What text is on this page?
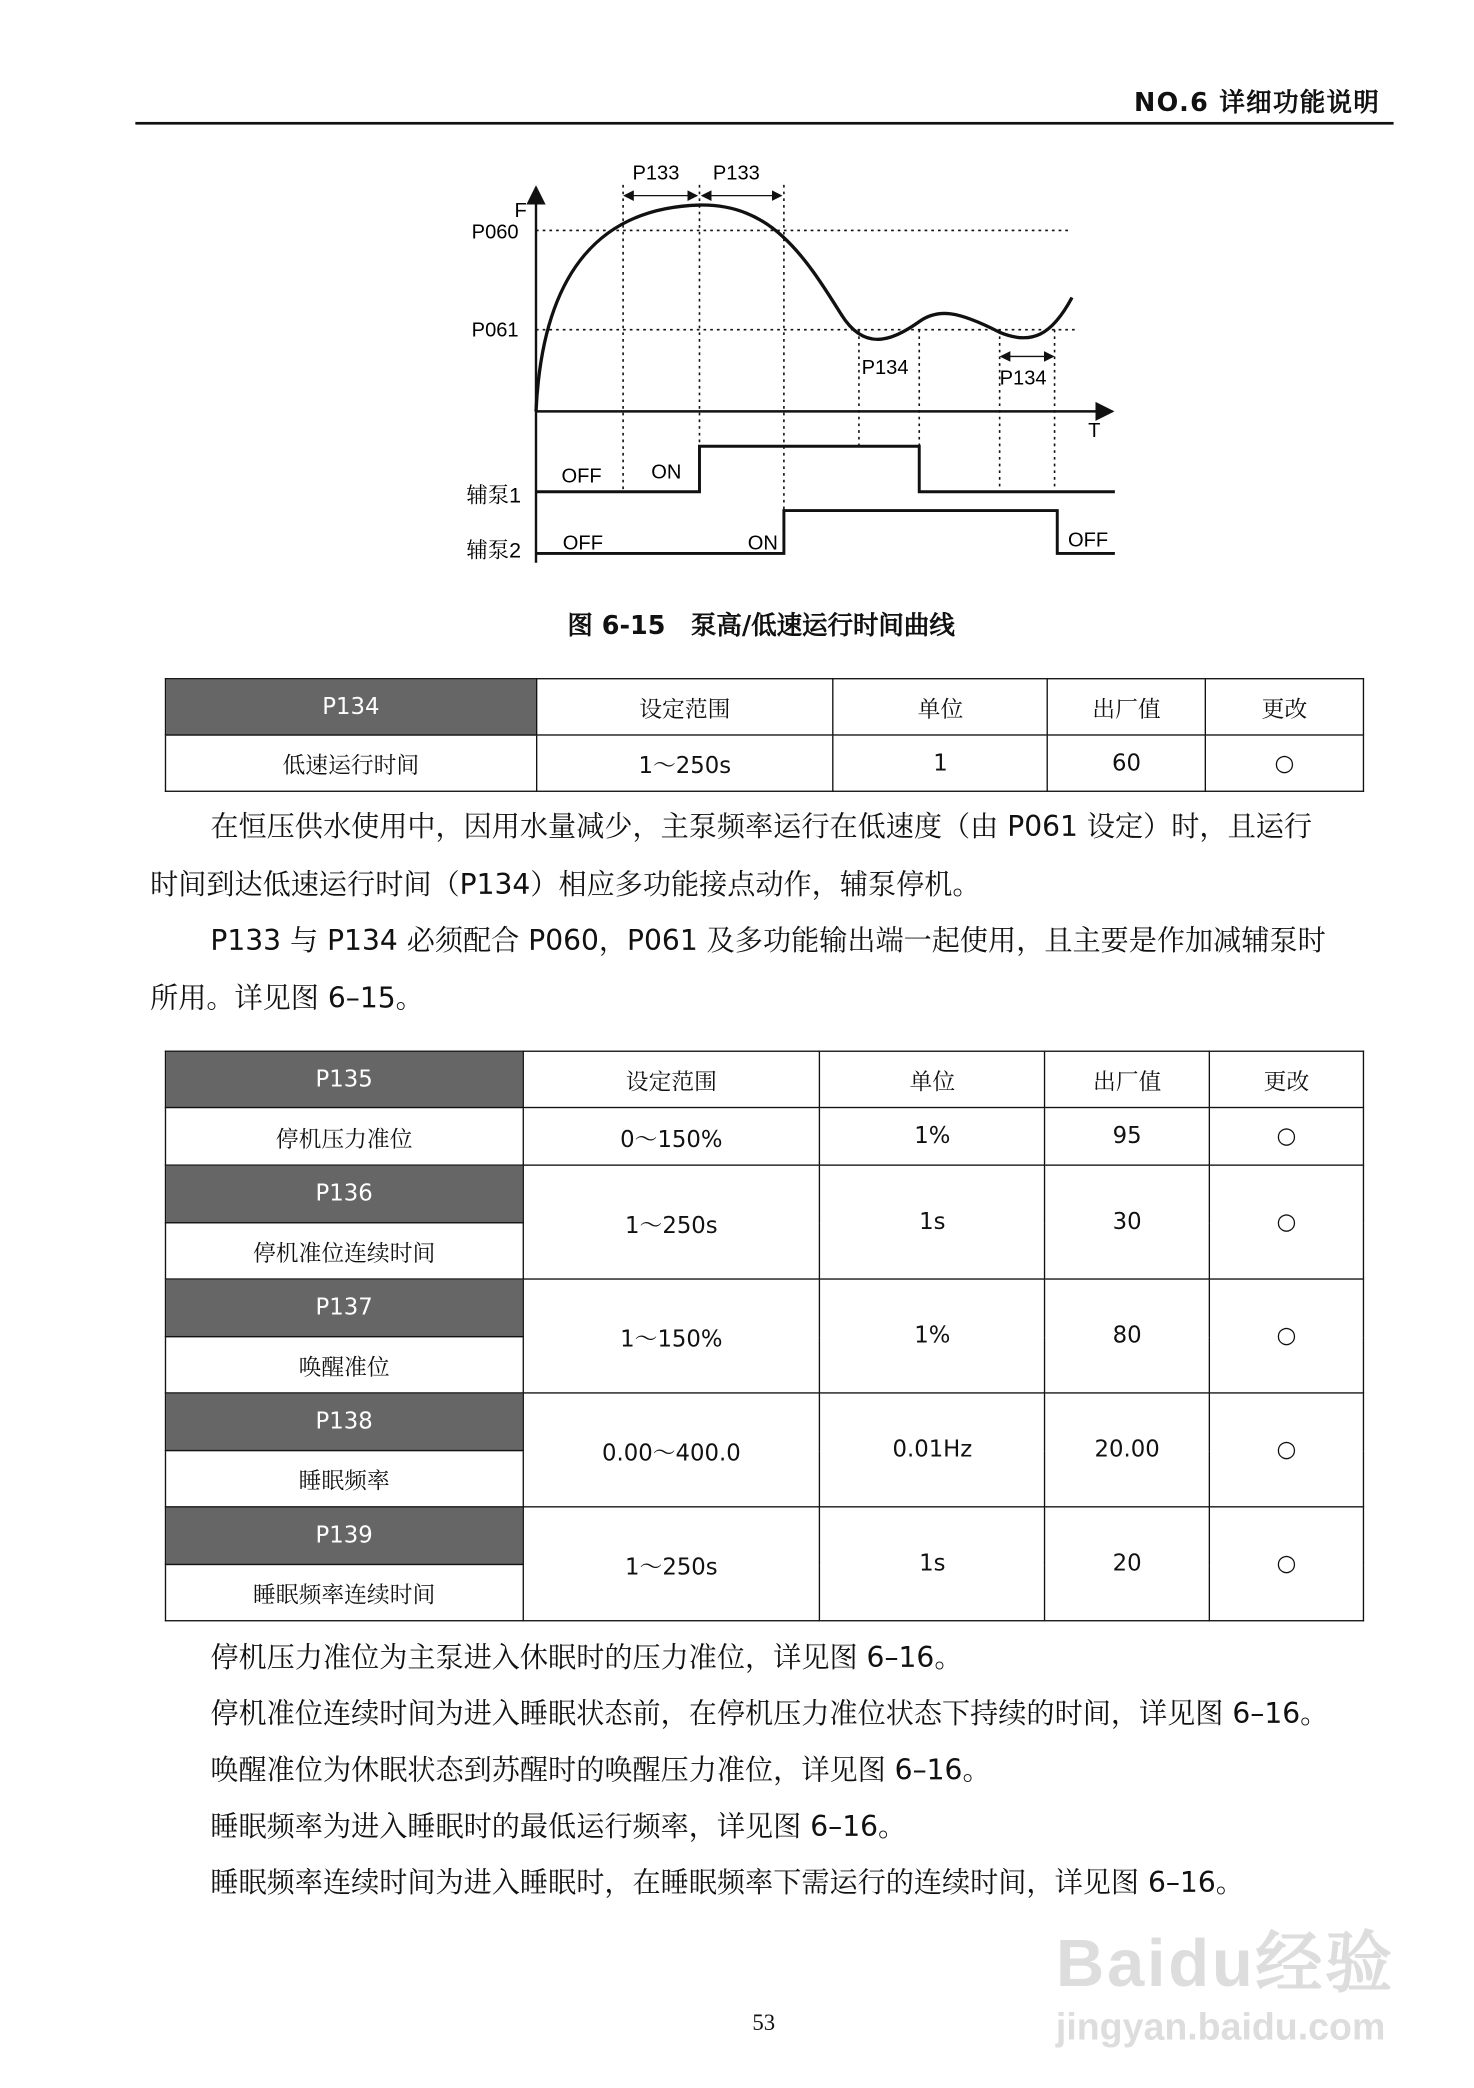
NO.6 详细功能说明
F
T
P060
P061
P133 P133
P134	P134
辅泵1
辅泵2
OFF	ON
OFF	ON	OFF
图 6-15　泵高/低速运行时间曲线
P134	设定范围	单位	出厂值	更改
低速运行时间	1～250s	1	60	○
在恒压供水使用中，因用水量减少，主泵频率运行在低速度（由 P061 设定）时，且运行
时间到达低速运行时间（P134）相应多功能接点动作，辅泵停机。
P133 与 P134 必须配合 P060，P061 及多功能输出端一起使用，且主要是作加减辅泵时
所用。详见图 6–15。
P135	设定范围	单位	出厂值	更改
停机压力准位	0～150%	1%	95	○
P136	1～250s	1s	30	○
停机准位连续时间				
P137	1～150%	1%	80	○
唤醒准位				
P138	0.00～400.0	0.01Hz	20.00	○
睡眠频率				
P139	1～250s	1s	20	○
睡眠频率连续时间				
停机压力准位为主泵进入休眠时的压力准位，详见图 6–16。
停机准位连续时间为进入睡眠状态前，在停机压力准位状态下持续的时间，详见图 6–16。
唤醒准位为休眠状态到苏醒时的唤醒压力准位，详见图 6–16。
睡眠频率为进入睡眠时的最低运行频率，详见图 6–16。
睡眠频率连续时间为进入睡眠时，在睡眠频率下需运行的连续时间，详见图 6–16。
Baidu经验
jingyan.baidu.com
53
